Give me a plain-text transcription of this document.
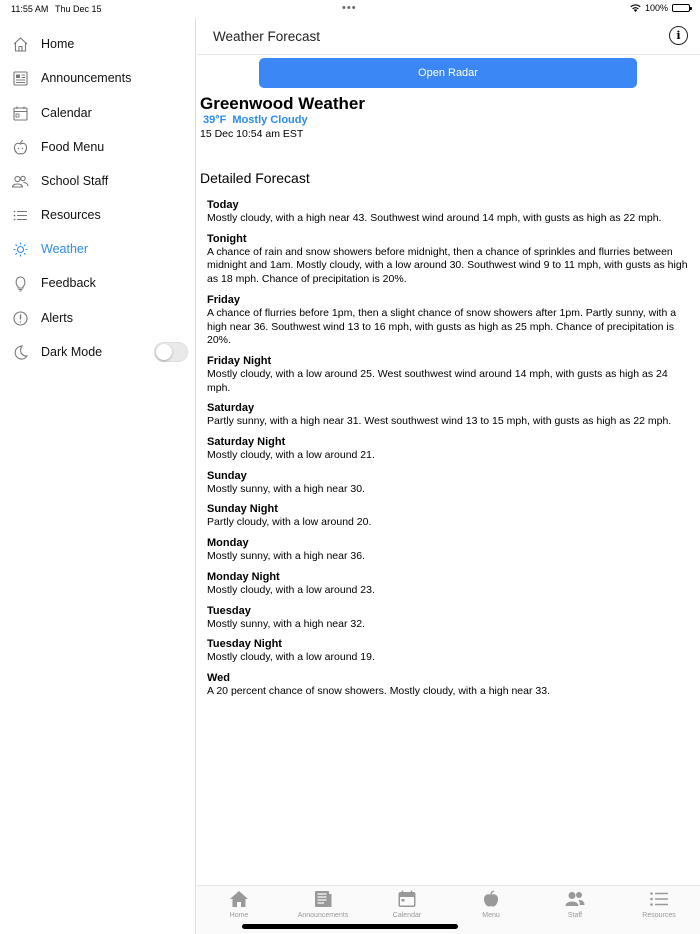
11:55 AM Thu Dec 15	•••	100%
Home
Announcements
Calendar
Food Menu
School Staff
Resources
Weather
Feedback
Alerts
Dark Mode
Weather Forecast	i
Open Radar
Greenwood Weather
39°F Mostly Cloudy
15 Dec 10:54 am EST
Detailed Forecast
Today
Mostly cloudy, with a high near 43. Southwest wind around 14 mph, with gusts as high as 22 mph.
Tonight
A chance of rain and snow showers before midnight, then a chance of sprinkles and flurries between midnight and 1am. Mostly cloudy, with a low around 30. Southwest wind 9 to 11 mph, with gusts as high as 18 mph. Chance of precipitation is 20%.
Friday
A chance of flurries before 1pm, then a slight chance of snow showers after 1pm. Partly sunny, with a high near 36. Southwest wind 13 to 16 mph, with gusts as high as 25 mph. Chance of precipitation is 20%.
Friday Night
Mostly cloudy, with a low around 25. West southwest wind around 14 mph, with gusts as high as 24 mph.
Saturday
Partly sunny, with a high near 31. West southwest wind 13 to 15 mph, with gusts as high as 22 mph.
Saturday Night
Mostly cloudy, with a low around 21.
Sunday
Mostly sunny, with a high near 30.
Sunday Night
Partly cloudy, with a low around 20.
Monday
Mostly sunny, with a high near 36.
Monday Night
Mostly cloudy, with a low around 23.
Tuesday
Mostly sunny, with a high near 32.
Tuesday Night
Mostly cloudy, with a low around 19.
Wed
A 20 percent chance of snow showers. Mostly cloudy, with a high near 33.
Home	Announcements	Calendar	Menu	Staff	Resources
